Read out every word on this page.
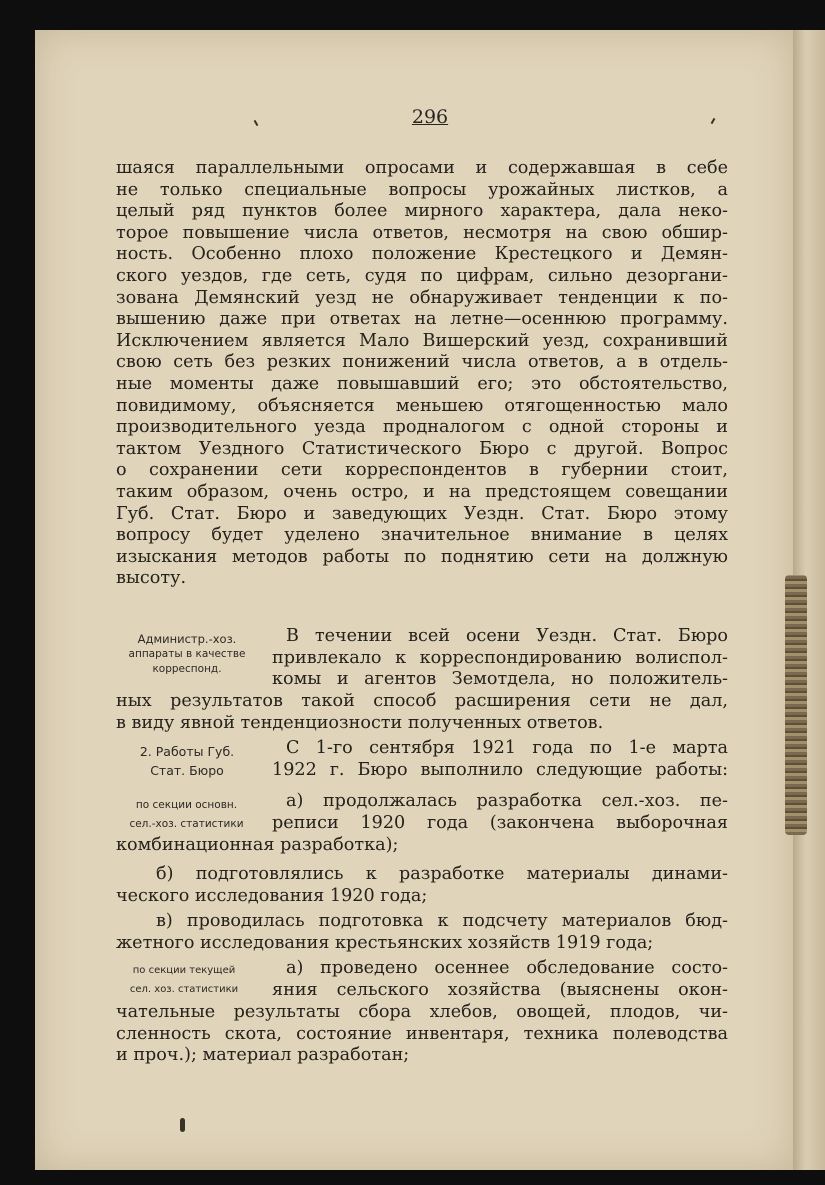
296
шаяся параллельными опросами и содержавшая в себе
не только специальные вопросы урожайных листков, а
целый ряд пунктов более мирного характера, дала неко-
торое повышение числа ответов, несмотря на свою обшир-
ность. Особенно плохо положение Крестецкого и Демян-
ского уездов, где сеть, судя по цифрам, сильно дезоргани-
зована Демянский уезд не обнаруживает тенденции к по-
вышению даже при ответах на летне—осеннюю программу.
Исключением является Мало Вишерский уезд, сохранивший
свою сеть без резких понижений числа ответов, а в отдель-
ные моменты даже повышавший его; это обстоятельство,
повидимому, объясняется меньшею отягощенностью мало
производительного уезда продналогом с одной стороны и
тактом Уездного Статистического Бюро с другой. Вопрос
о сохранении сети корреспондентов в губернии стоит,
таким образом, очень остро, и на предстоящем совещании
Губ. Стат. Бюро и заведующих Уездн. Стат. Бюро этому
вопросу будет уделено значительное внимание в целях
изыскания методов работы по поднятию сети на должную
высоту.
Администр.-хоз.
аппараты в качестве
корреспонд.
В течении всей осени Уездн. Стат. Бюро
привлекало к корреспондированию волиспол-
комы и агентов Земотдела, но положитель-
ных результатов такой способ расширения сети не дал,
в виду явной тенденциозности полученных ответов.
2. Работы Губ.
Стат. Бюро
С 1-го сентября 1921 года по 1-е марта
1922 г. Бюро выполнило следующие работы:
по секции основн.
сел.-хоз. статистики
а) продолжалась разработка сел.-хоз. пе-
реписи 1920 года (закончена выборочная
комбинационная разработка);
б) подготовлялись к разработке материалы динами-
ческого исследования 1920 года;
в) проводилась подготовка к подсчету материалов бюд-
жетного исследования крестьянских хозяйств 1919 года;
по секции текущей
сел. хоз. статистики
а) проведено осеннее обследование состо-
яния сельского хозяйства (выяснены окон-
чательные результаты сбора хлебов, овощей, плодов, чи-
сленность скота, состояние инвентаря, техника полеводства
и проч.); материал разработан;
